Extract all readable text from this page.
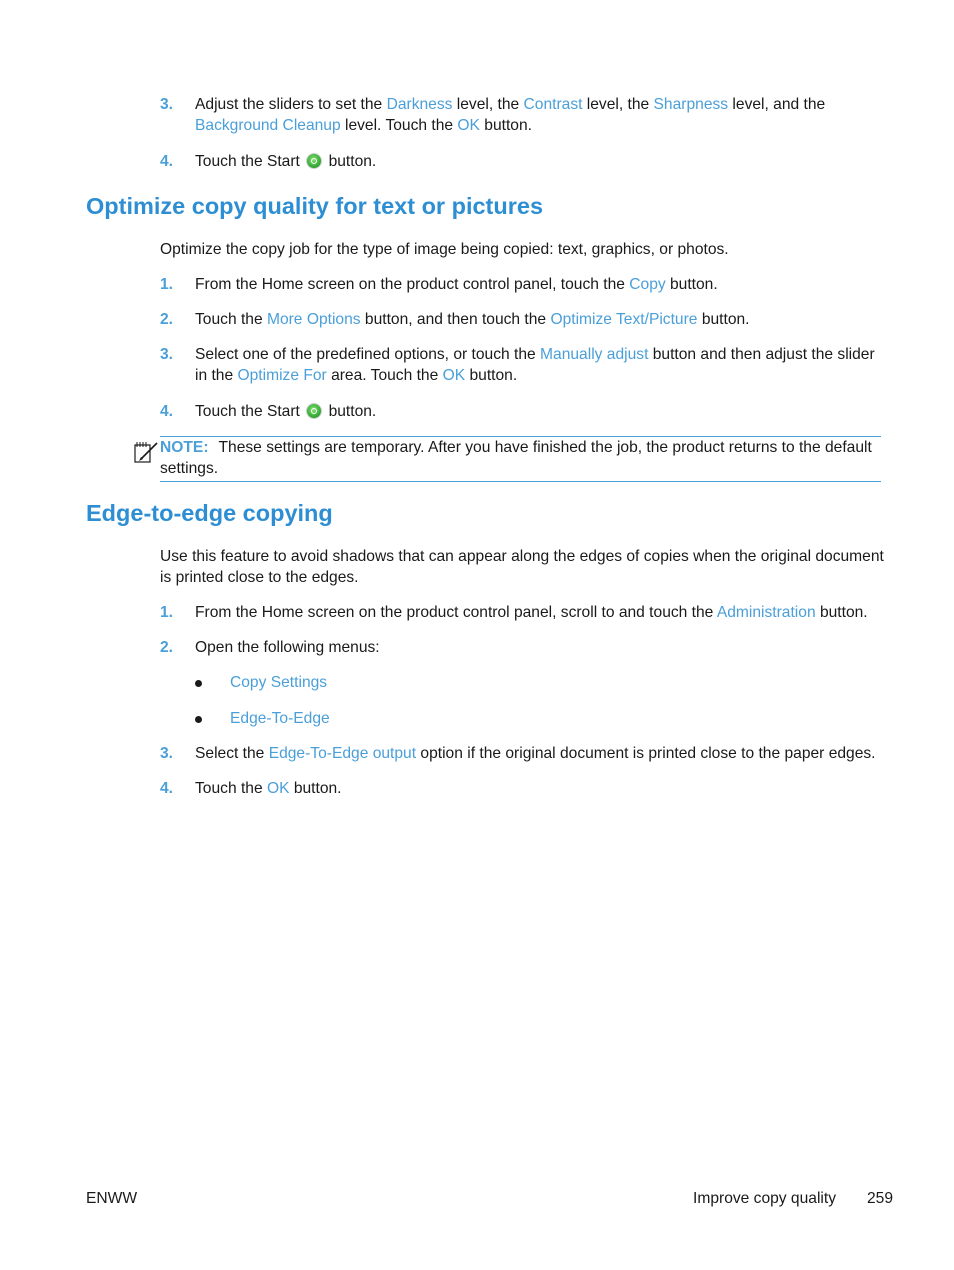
3. Adjust the sliders to set the Darkness level, the Contrast level, the Sharpness level, and the Background Cleanup level. Touch the OK button.
4. Touch the Start button.
Optimize copy quality for text or pictures
Optimize the copy job for the type of image being copied: text, graphics, or photos.
1. From the Home screen on the product control panel, touch the Copy button.
2. Touch the More Options button, and then touch the Optimize Text/Picture button.
3. Select one of the predefined options, or touch the Manually adjust button and then adjust the slider in the Optimize For area. Touch the OK button.
4. Touch the Start button.
NOTE: These settings are temporary. After you have finished the job, the product returns to the default settings.
Edge-to-edge copying
Use this feature to avoid shadows that can appear along the edges of copies when the original document is printed close to the edges.
1. From the Home screen on the product control panel, scroll to and touch the Administration button.
2. Open the following menus:
Copy Settings
Edge-To-Edge
3. Select the Edge-To-Edge output option if the original document is printed close to the paper edges.
4. Touch the OK button.
ENWW	Improve copy quality 259
